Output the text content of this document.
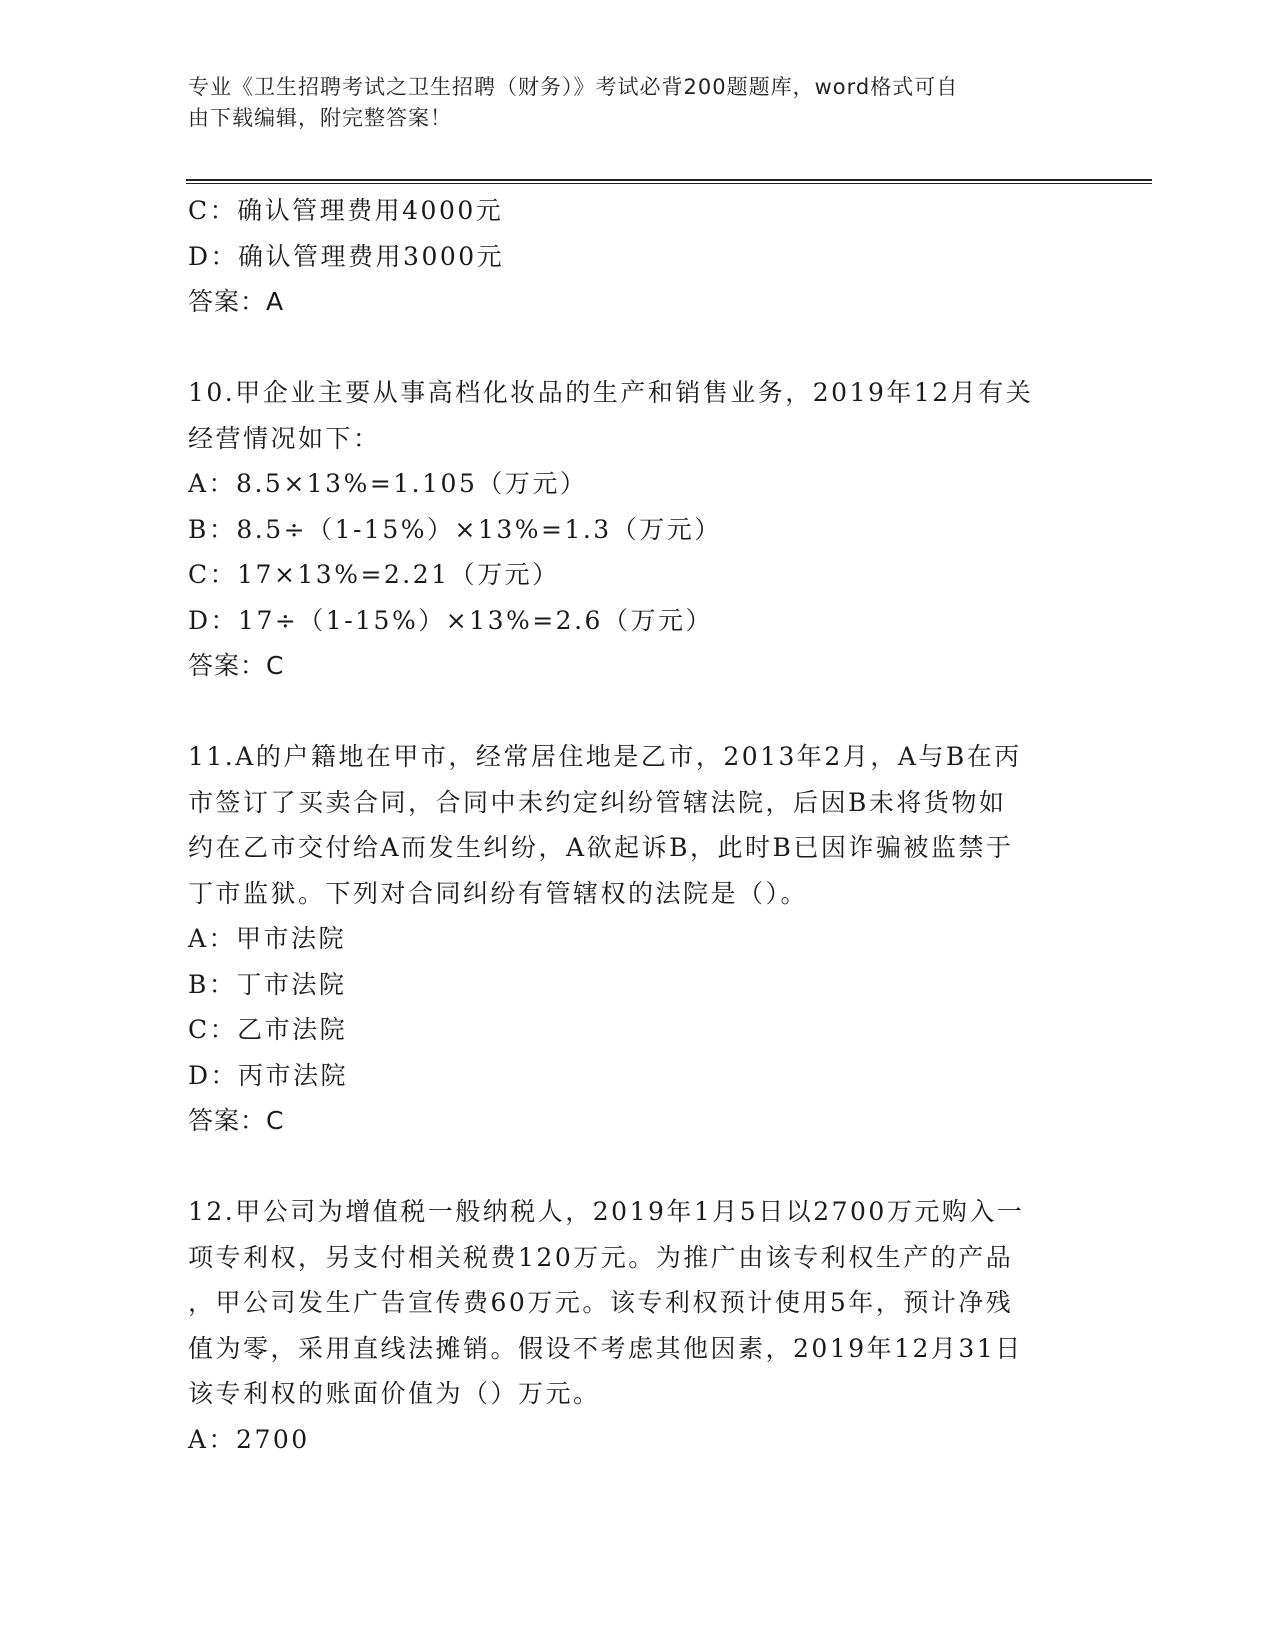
专业《卫生招聘考试之卫生招聘（财务）》考试必背200题题库，word格式可自
由下载编辑，附完整答案！
C：确认管理费用4000元
D：确认管理费用3000元
答案：A
10.甲企业主要从事高档化妆品的生产和销售业务，2019年12月有关
经营情况如下：
A：8.5×13%=1.105（万元）
B：8.5÷（1-15%）×13%=1.3（万元）
C：17×13%=2.21（万元）
D：17÷（1-15%）×13%=2.6（万元）
答案：C
11.A的户籍地在甲市，经常居住地是乙市，2013年2月，A与B在丙
市签订了买卖合同，合同中未约定纠纷管辖法院，后因B未将货物如
约在乙市交付给A而发生纠纷，A欲起诉B，此时B已因诈骗被监禁于
丁市监狱。下列对合同纠纷有管辖权的法院是（）。
A：甲市法院
B：丁市法院
C：乙市法院
D：丙市法院
答案：C
12.甲公司为增值税一般纳税人，2019年1月5日以2700万元购入一
项专利权，另支付相关税费120万元。为推广由该专利权生产的产品
，甲公司发生广告宣传费60万元。该专利权预计使用5年，预计净残
值为零，采用直线法摊销。假设不考虑其他因素，2019年12月31日
该专利权的账面价值为（）万元。
A：2700
